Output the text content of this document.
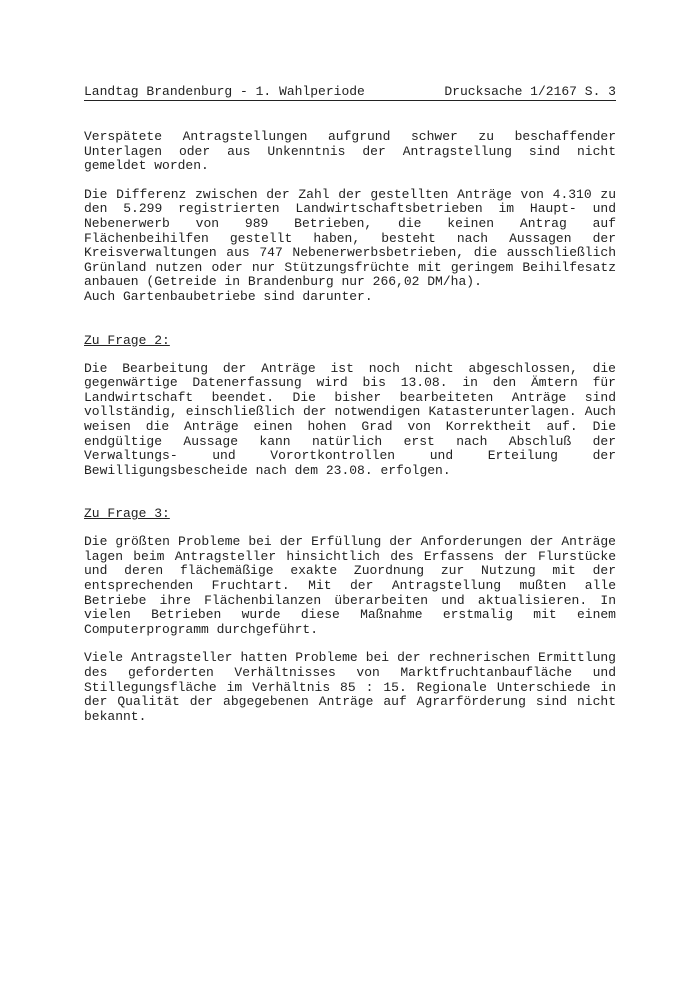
Landtag Brandenburg - 1. Wahlperiode	Drucksache 1/2167 S. 3

Verspätete Antragstellungen aufgrund schwer zu beschaffender Unterlagen oder aus Unkenntnis der Antragstellung sind nicht gemeldet worden.

Die Differenz zwischen der Zahl der gestellten Anträge von 4.310 zu den 5.299 registrierten Landwirtschaftsbetrieben im Haupt- und Nebenerwerb von 989 Betrieben, die keinen Antrag auf Flächenbeihilfen gestellt haben, besteht nach Aussagen der Kreisverwaltungen aus 747 Nebenerwerbsbetrieben, die ausschließlich Grünland nutzen oder nur Stützungsfrüchte mit geringem Beihilfesatz anbauen (Getreide in Brandenburg nur 266,02 DM/ha).

Auch Gartenbaubetriebe sind darunter.

Zu Frage 2:

Die Bearbeitung der Anträge ist noch nicht abgeschlossen, die gegenwärtige Datenerfassung wird bis 13.08. in den Ämtern für Landwirtschaft beendet. Die bisher bearbeiteten Anträge sind vollständig, einschließlich der notwendigen Katasterunterlagen. Auch weisen die Anträge einen hohen Grad von Korrektheit auf. Die endgültige Aussage kann natürlich erst nach Abschluß der Verwaltungs- und Vorortkontrollen und Erteilung der Bewilligungsbescheide nach dem 23.08. erfolgen.

Zu Frage 3:

Die größten Probleme bei der Erfüllung der Anforderungen der Anträge lagen beim Antragsteller hinsichtlich des Erfassens der Flurstücke und deren flächemäßige exakte Zuordnung zur Nutzung mit der entsprechenden Fruchtart. Mit der Antragstellung mußten alle Betriebe ihre Flächenbilanzen überarbeiten und aktualisieren. In vielen Betrieben wurde diese Maßnahme erstmalig mit einem Computerprogramm durchgeführt.

Viele Antragsteller hatten Probleme bei der rechnerischen Ermittlung des geforderten Verhältnisses von Marktfruchtanbaufläche und Stillegungsfläche im Verhältnis 85 : 15. Regionale Unterschiede in der Qualität der abgegebenen Anträge auf Agrarförderung sind nicht bekannt.
